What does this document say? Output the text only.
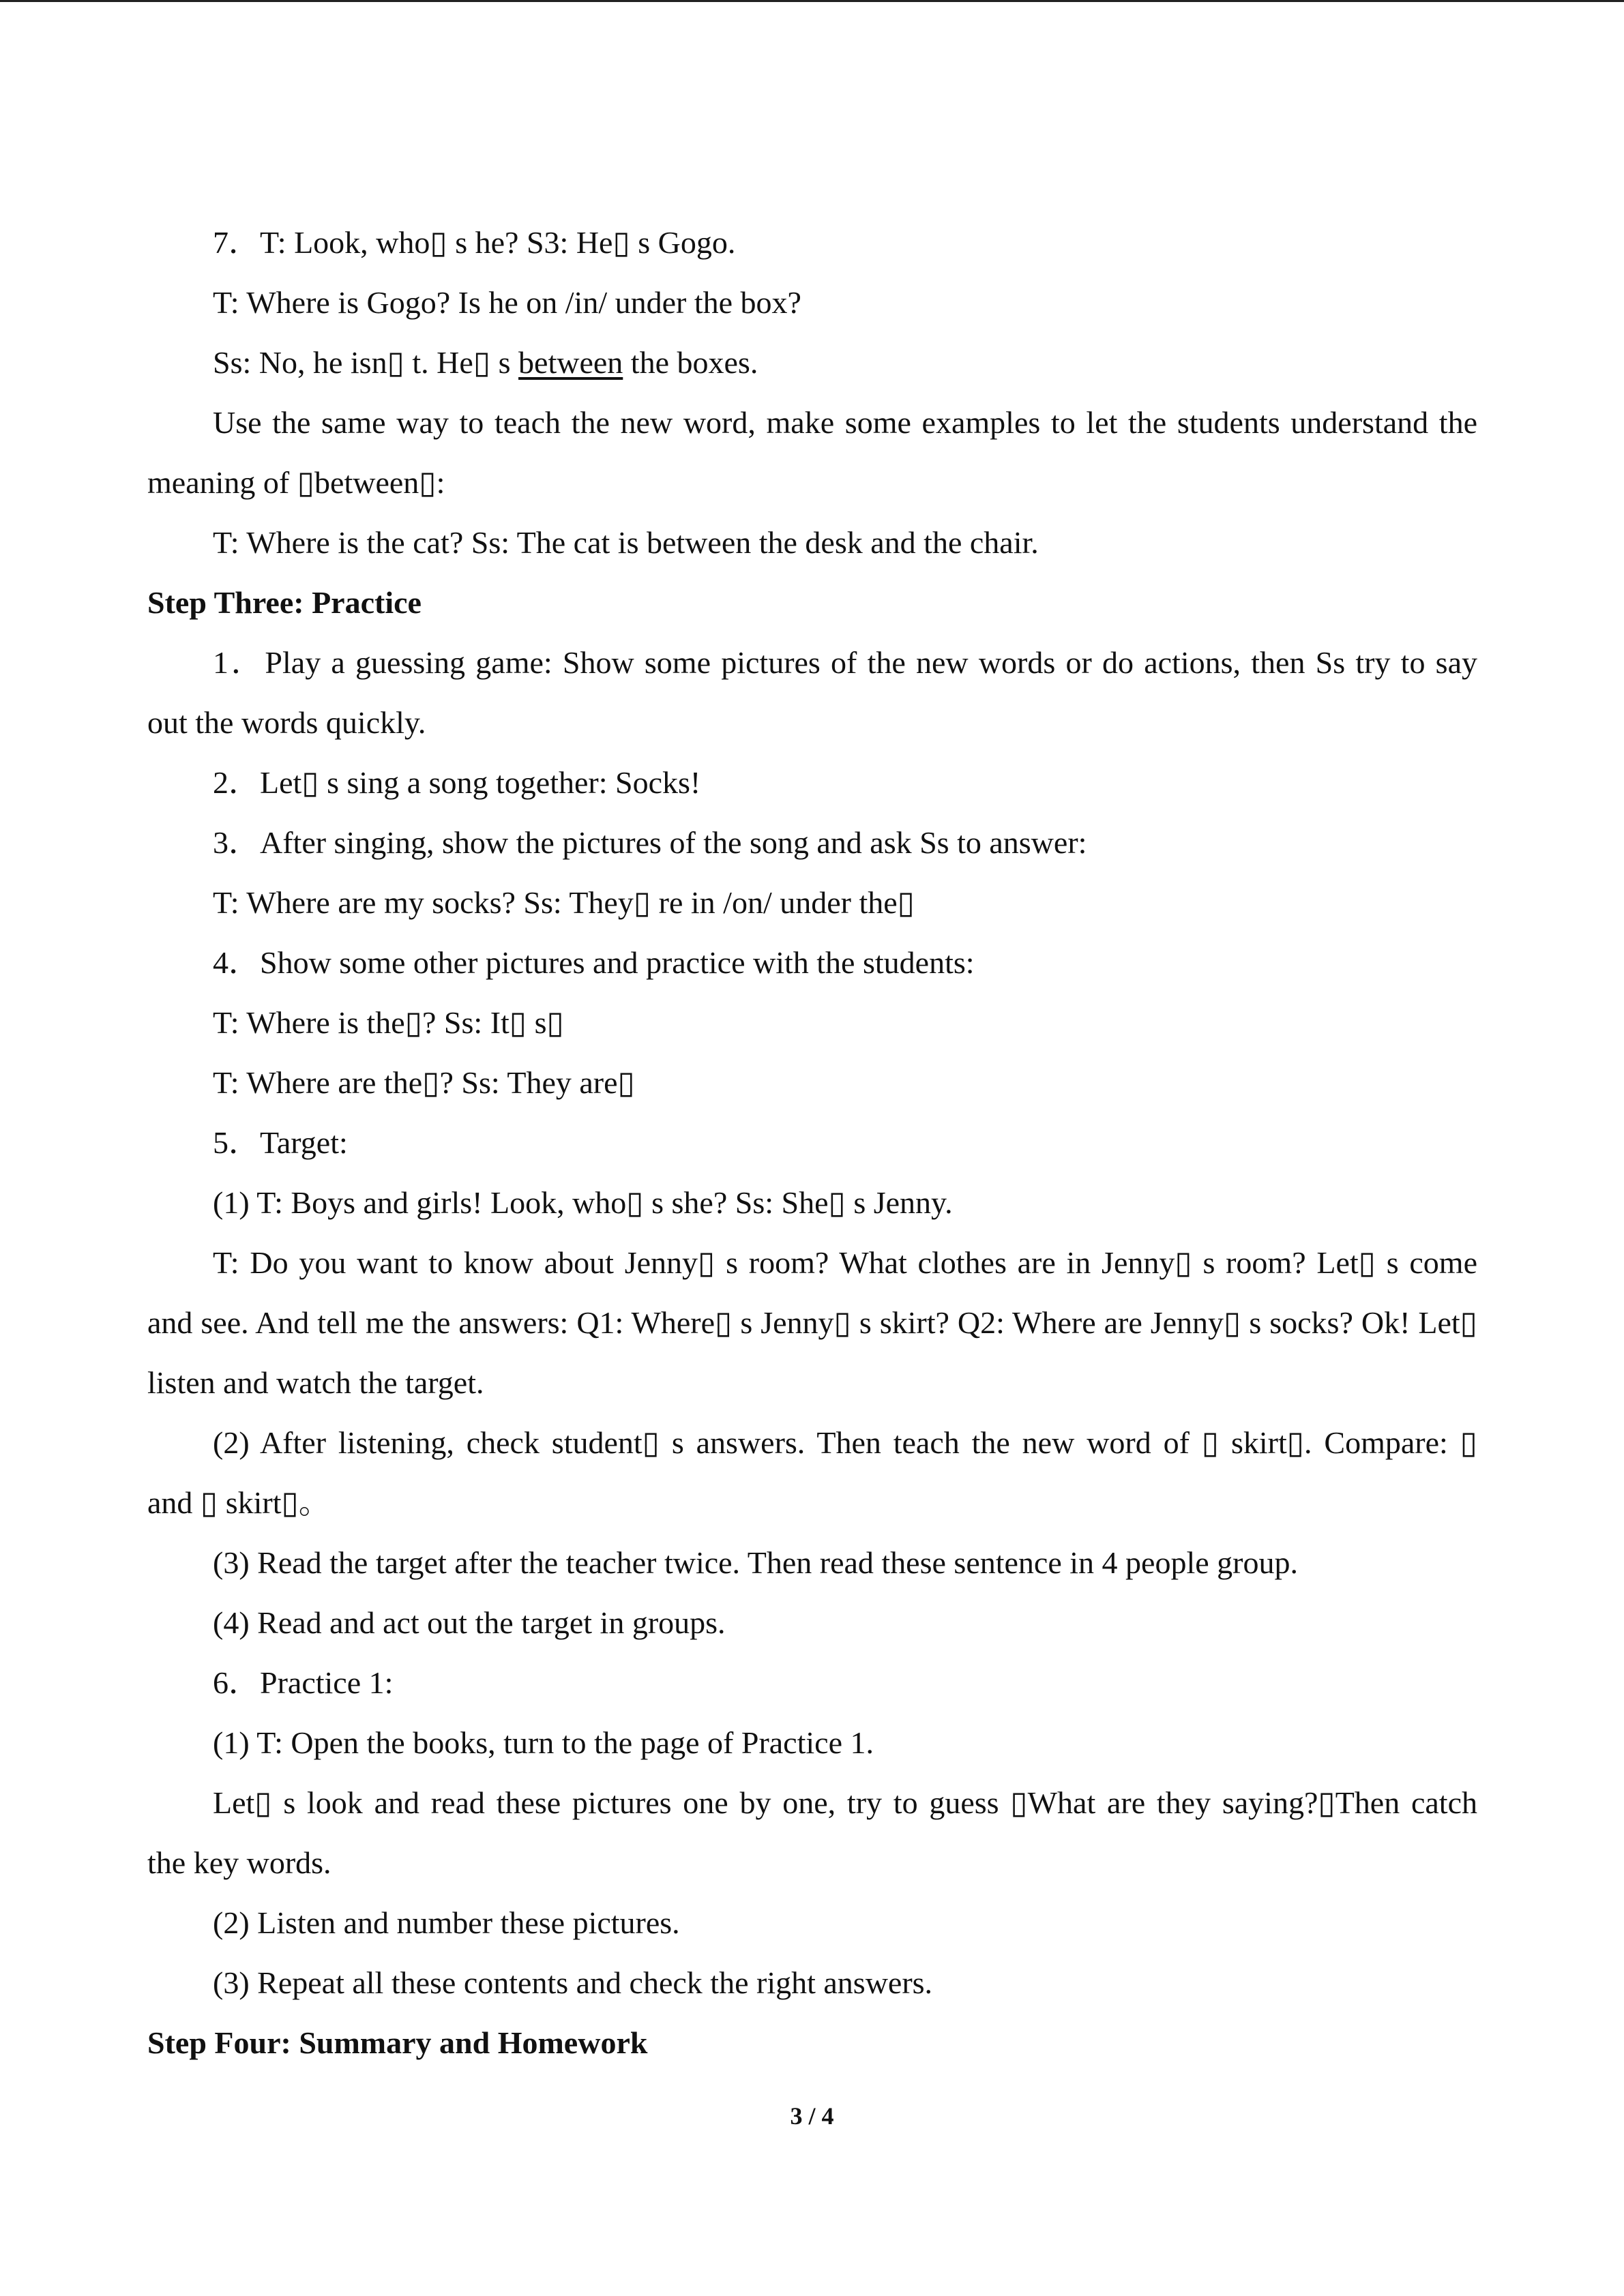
7．T: Look, who▯ s he? S3: He▯ s Gogo.
T: Where is Gogo? Is he on /in/ under the box?
Ss: No, he isn▯ t. He▯ s between the boxes.
Use the same way to teach the new word, make some examples to let the students understand the
meaning of ▯between▯:
T: Where is the cat? Ss: The cat is between the desk and the chair.
Step Three: Practice
1．Play a guessing game: Show some pictures of the new words or do actions, then Ss try to say
out the words quickly.
2．Let▯ s sing a song together: Socks!
3．After singing, show the pictures of the song and ask Ss to answer:
T: Where are my socks? Ss: They▯ re in /on/ under the▯
4．Show some other pictures and practice with the students:
T: Where is the▯? Ss: It▯ s▯
T: Where are the▯? Ss: They are▯
5．Target:
(1) T: Boys and girls! Look, who▯ s she? Ss: She▯ s Jenny.
T: Do you want to know about Jenny▯ s room? What clothes are in Jenny▯ s room? Let▯ s come
and see. And tell me the answers: Q1: Where▯ s Jenny▯ s skirt? Q2: Where are Jenny▯ s socks? Ok! Let▯
listen and watch the target.
(2) After listening, check student▯ s answers. Then teach the new word of ▯ skirt▯. Compare: ▯
and ▯ skirt▯。
(3) Read the target after the teacher twice. Then read these sentence in 4 people group.
(4) Read and act out the target in groups.
6．Practice 1:
(1) T: Open the books, turn to the page of Practice 1.
Let▯ s look and read these pictures one by one, try to guess ▯What are they saying?▯Then catch
the key words.
(2) Listen and number these pictures.
(3) Repeat all these contents and check the right answers.
Step Four: Summary and Homework
3 / 4
